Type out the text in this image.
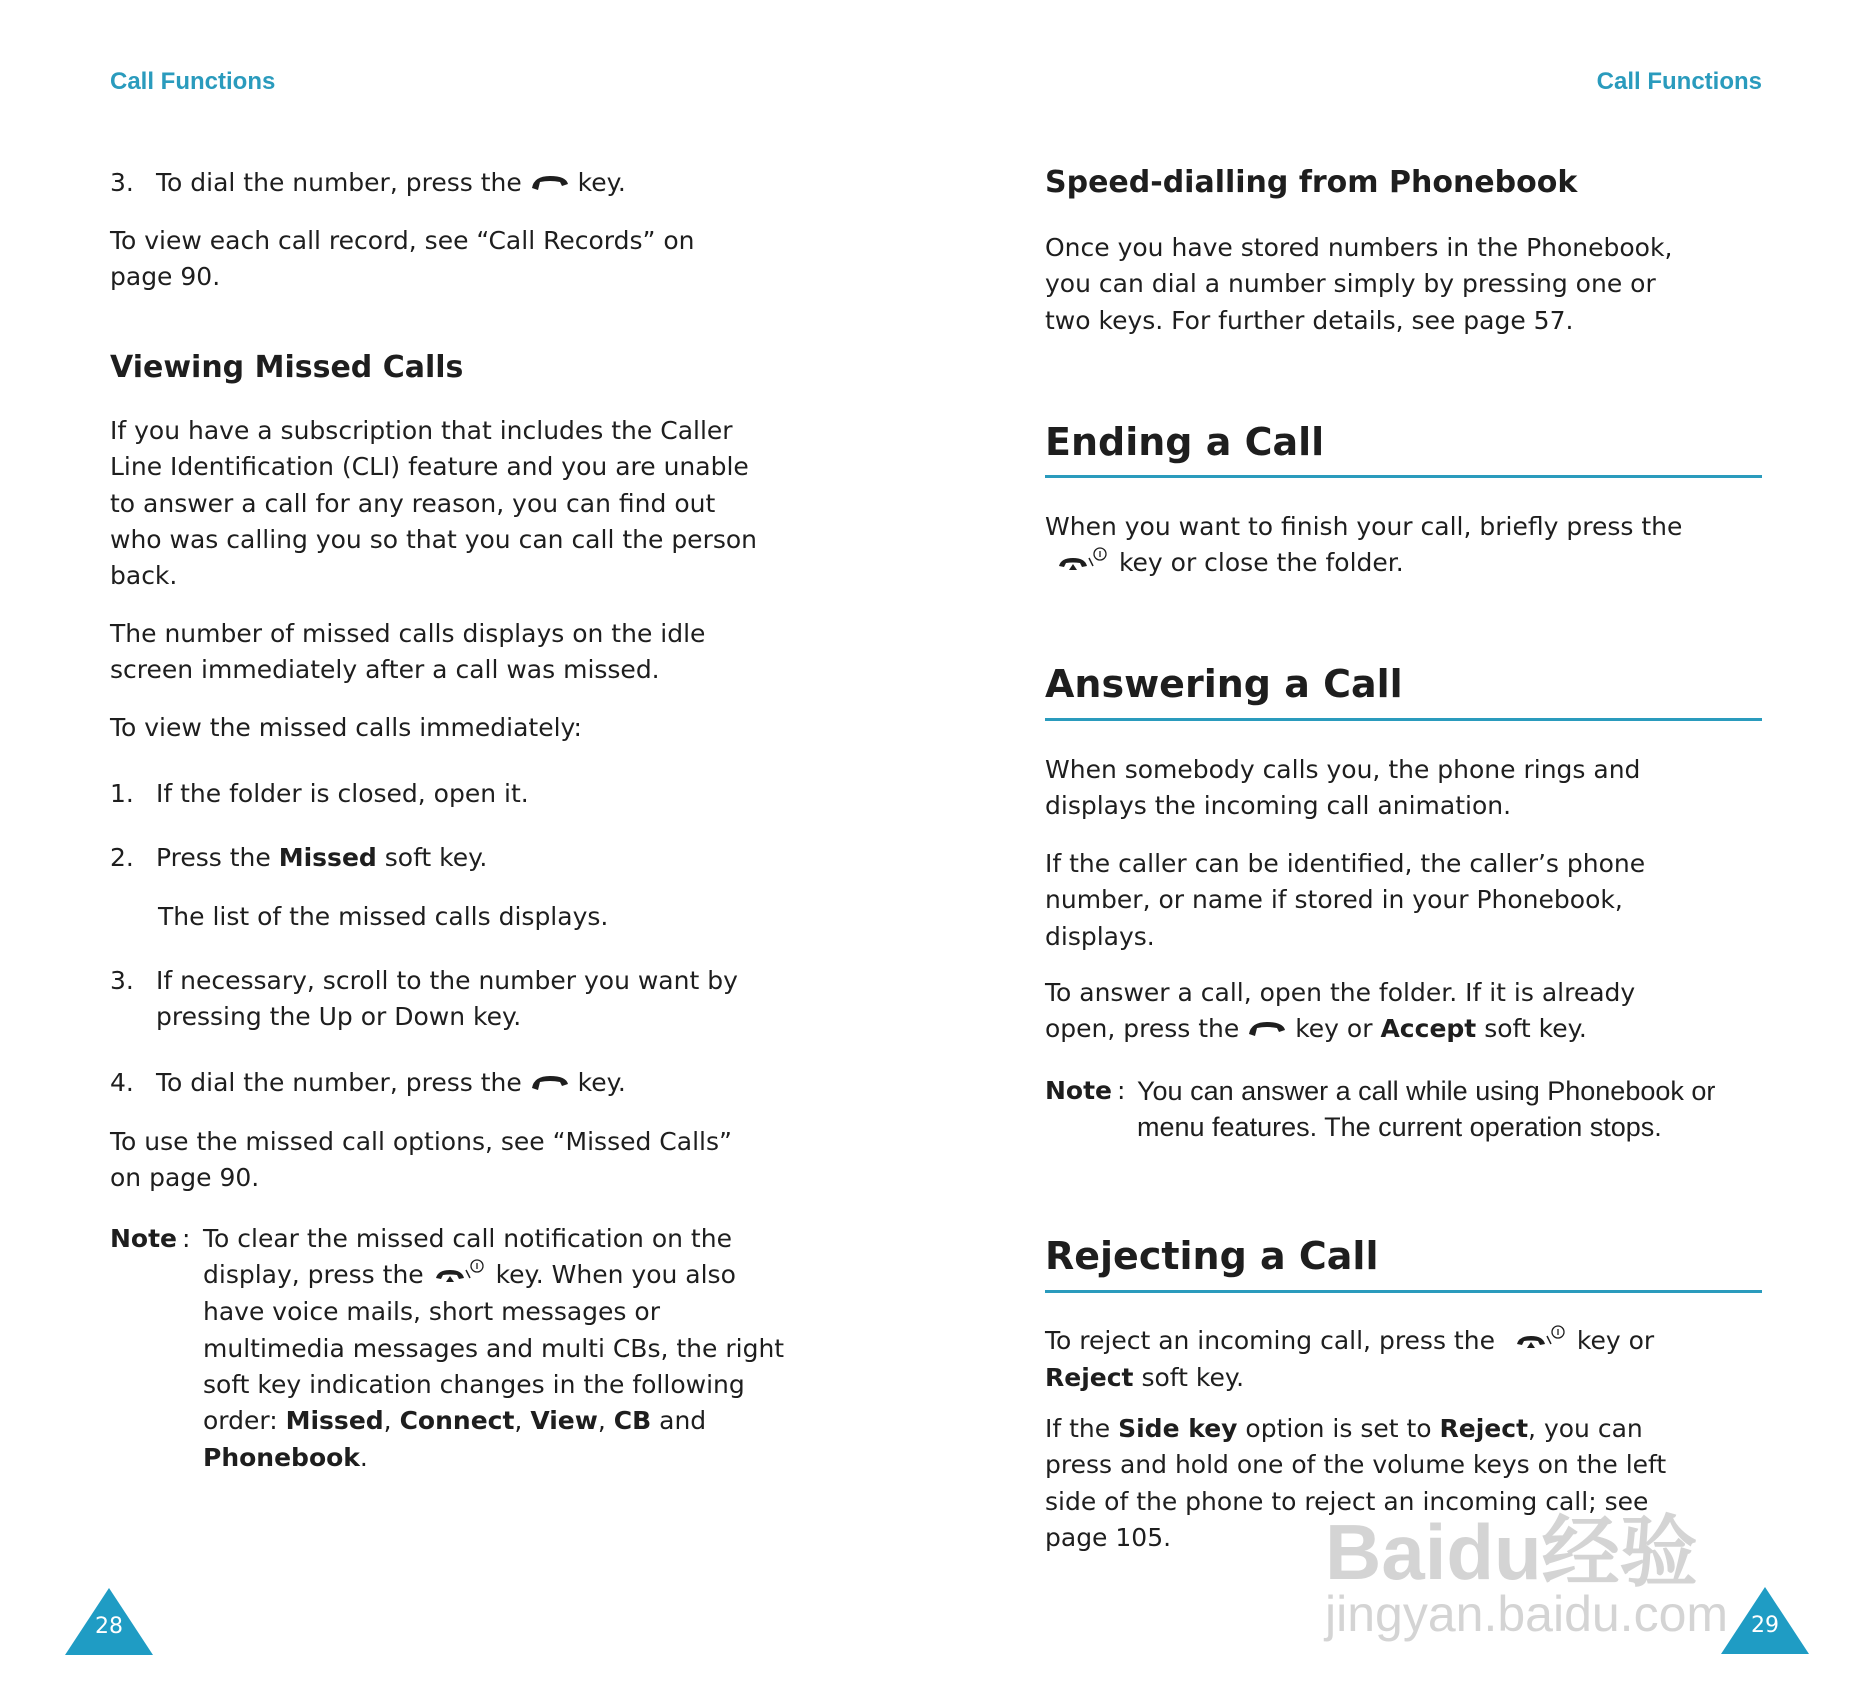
Call Functions	Call Functions
3. To dial the number, press the key.

To view each call record, see “Call Records” on

page 90.

Viewing Missed Calls

If you have a subscription that includes the Caller

Line Identification (CLI) feature and you are unable

to answer a call for any reason, you can find out

who was calling you so that you can call the person

back.

The number of missed calls displays on the idle

screen immediately after a call was missed.

To view the missed calls immediately:
1. If the folder is closed, open it.
2. Press the Missed soft key.
The list of the missed calls displays.

3. If necessary, scroll to the number you want by

pressing the Up or Down key.

4. To dial the number, press the key.

To use the missed call options, see “Missed Calls”

on page 90.

Note : To clear the missed call notification on the

display, press the	key. When you also

have voice mails, short messages or

multimedia messages and multi CBs, the right

soft key indication changes in the following

order: Missed, Connect, View, CB and

Phonebook.

28
Speed-dialling from Phonebook

Once you have stored numbers in the Phonebook,

you can dial a number simply by pressing one or

two keys. For further details, see page 57.

Ending a Call

When you want to finish your call, briefly press the

key or close the folder.

Answering a Call

When somebody calls you, the phone rings and

displays the incoming call animation.

If the caller can be identified, the caller’s phone

number, or name if stored in your Phonebook,

displays.

To answer a call, open the folder. If it is already

open, press the key or Accept soft key.

Note : You can answer a call while using Phonebook or

menu features. The current operation stops.

Rejecting a Call

To reject an incoming call, press the	key or

Reject soft key.

If the Side key option is set to Reject, you can

press and hold one of the volume keys on the left

side of the phone to reject an incoming call; see

page 105.	Baidu经验
jingyan.baidu.com	29
